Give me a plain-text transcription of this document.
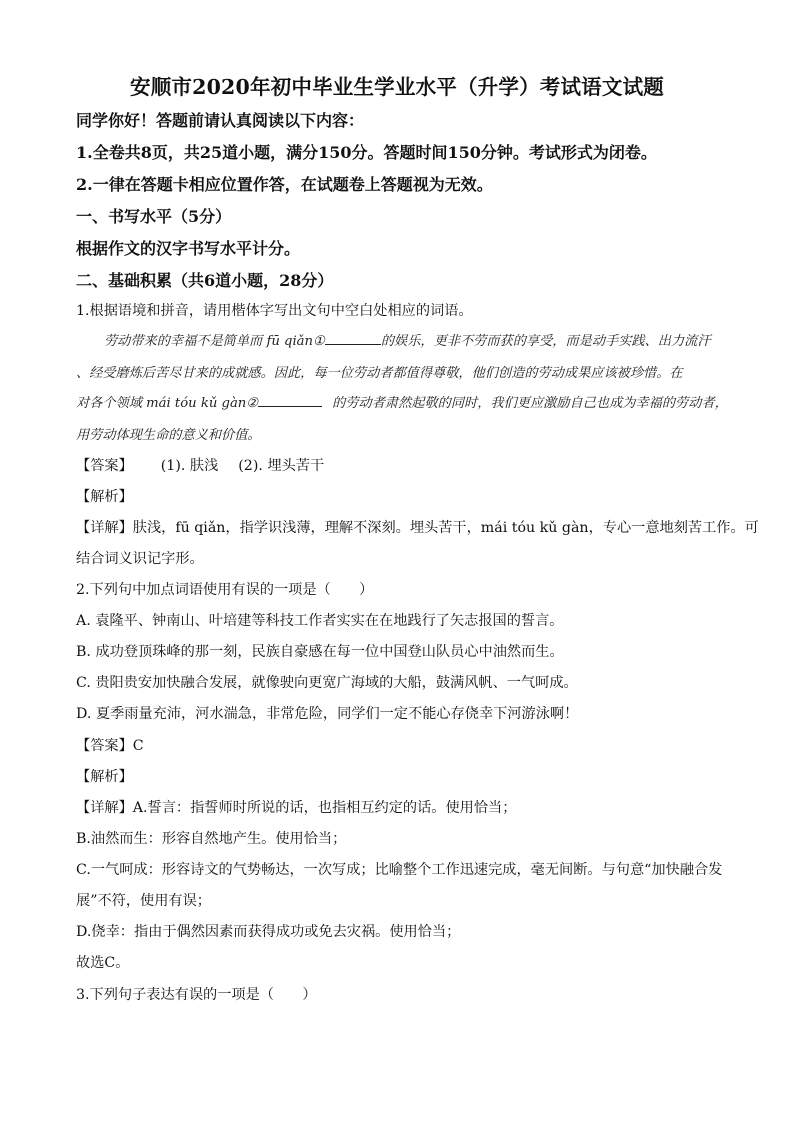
安顺市2020年初中毕业生学业水平（升学）考试语文试题
同学你好！答题前请认真阅读以下内容：
1.全卷共8页，共25道小题，满分150分。答题时间150分钟。考试形式为闭卷。
2.一律在答题卡相应位置作答，在试题卷上答题视为无效。
一、书写水平（5分）
根据作文的汉字书写水平计分。
二、基础积累（共6道小题，28分）
1.根据语境和拼音，请用楷体字写出文句中空白处相应的词语。
劳动带来的幸福不是简单而 fū qiǎn①	的娱乐，更非不劳而获的享受，而是动手实践、出力流汗
、经受磨炼后苦尽甘来的成就感。因此，每一位劳动者都值得尊敬，他们创造的劳动成果应该被珍惜。在
对各个领域 mái tóu kǔ gàn②	的劳动者肃然起敬的同时，我们更应激励自己也成为幸福的劳动者，
用劳动体现生命的意义和价值。
【答案】 (1). 肤浅 (2). 埋头苦干
【解析】
【详解】肤浅，fū qiǎn，指学识浅薄，理解不深刻。埋头苦干，mái tóu kǔ gàn，专心一意地刻苦工作。可
结合词义识记字形。
2.下列句中加点词语使用有误的一项是（　　）
A. 袁隆平、钟南山、叶培建等科技工作者实实在在地践行了矢志报国的誓言。
B. 成功登顶珠峰的那一刻，民族自豪感在每一位中国登山队员心中油然而生。
C. 贵阳贵安加快融合发展，就像驶向更宽广海域的大船，鼓满风帆、一气呵成。
D. 夏季雨量充沛，河水湍急，非常危险，同学们一定不能心存侥幸下河游泳啊！
【答案】C
【解析】
【详解】A.誓言：指誓师时所说的话，也指相互约定的话。使用恰当；
B.油然而生：形容自然地产生。使用恰当；
C.一气呵成：形容诗文的气势畅达，一次写成；比喻整个工作迅速完成，毫无间断。与句意“加快融合发
展”不符，使用有误；
D.侥幸：指由于偶然因素而获得成功或免去灾祸。使用恰当；
故选C。
3.下列句子表达有误的一项是（　　）
